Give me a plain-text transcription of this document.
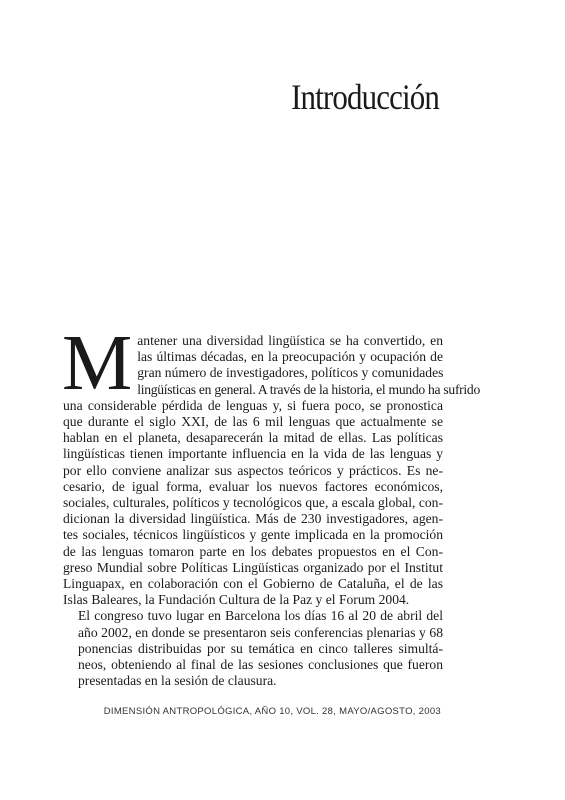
Introducción

M antener una diversidad lingüística se ha convertido, en
las últimas décadas, en la preocupación y ocupación de
gran número de investigadores, políticos y comunidades
lingüísticas en general. A través de la historia, el mundo ha sufrido
una considerable pérdida de lenguas y, si fuera poco, se pronostica
que durante el siglo XXI, de las 6 mil lenguas que actualmente se
hablan en el planeta, desaparecerán la mitad de ellas. Las políticas
lingüísticas tienen importante influencia en la vida de las lenguas y
por ello conviene analizar sus aspectos teóricos y prácticos. Es ne-
cesario, de igual forma, evaluar los nuevos factores económicos,
sociales, culturales, políticos y tecnológicos que, a escala global, con-
dicionan la diversidad lingüística. Más de 230 investigadores, agen-
tes sociales, técnicos lingüísticos y gente implicada en la promoción
de las lenguas tomaron parte en los debates propuestos en el Con-
greso Mundial sobre Políticas Lingüísticas organizado por el Institut
Linguapax, en colaboración con el Gobierno de Cataluña, el de las
Islas Baleares, la Fundación Cultura de la Paz y el Forum 2004.

El congreso tuvo lugar en Barcelona los días 16 al 20 de abril del
año 2002, en donde se presentaron seis conferencias plenarias y 68
ponencias distribuidas por su temática en cinco talleres simultá-
neos, obteniendo al final de las sesiones conclusiones que fueron
presentadas en la sesión de clausura.

DIMENSIÓN ANTROPOLÓGICA, AÑO 10, VOL. 28, MAYO/AGOSTO, 2003
